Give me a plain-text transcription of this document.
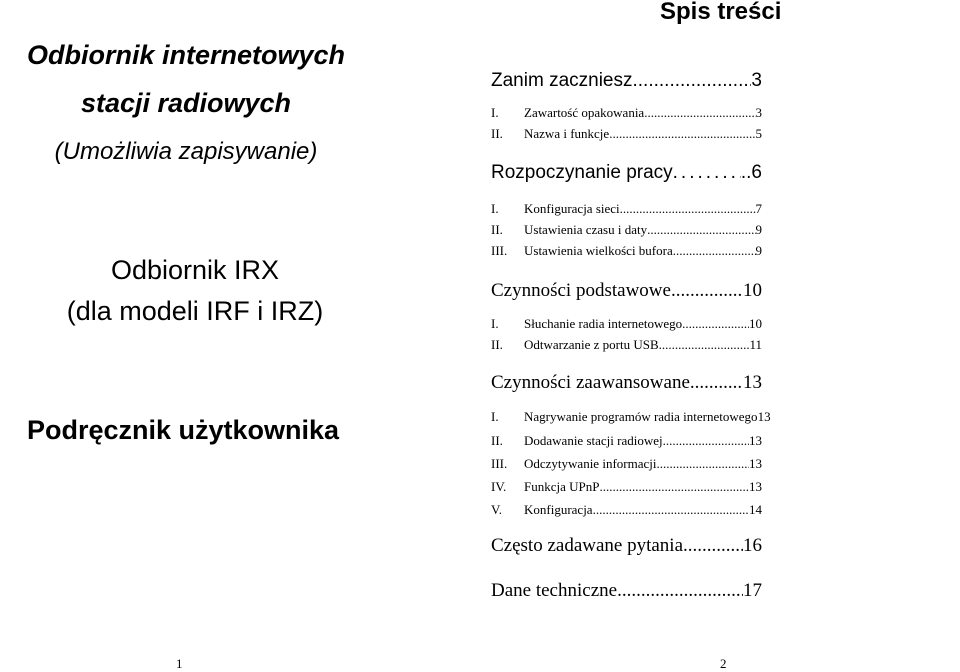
Odbiornik internetowych
stacji radiowych
(Umożliwia zapisywanie)
Odbiornik IRX
(dla modeli IRF i IRZ)
Podręcznik użytkownika
1
Spis treści
Zanim zaczniesz .....	3
I.	Zawartość opakowania .....	3
II.	Nazwa i funkcje .....	5
Rozpoczynanie pracy .....	..6
I.	Konfiguracja sieci .....	7
II.	Ustawienia czasu i daty .....	9
III.	Ustawienia wielkości bufora .....	9
Czynności podstawowe .....	10
I.	Słuchanie radia internetowego .....	10
II.	Odtwarzanie z portu USB .....	11
Czynności zaawansowane .....	13
I.	Nagrywanie programów radia internetowego 13
II.	Dodawanie stacji radiowej .....	13
III.	Odczytywanie informacji .....	13
IV.	Funkcja UPnP .....	13
V.	Konfiguracja .....	14
Często zadawane pytania .....	16
Dane techniczne .....	17
2
